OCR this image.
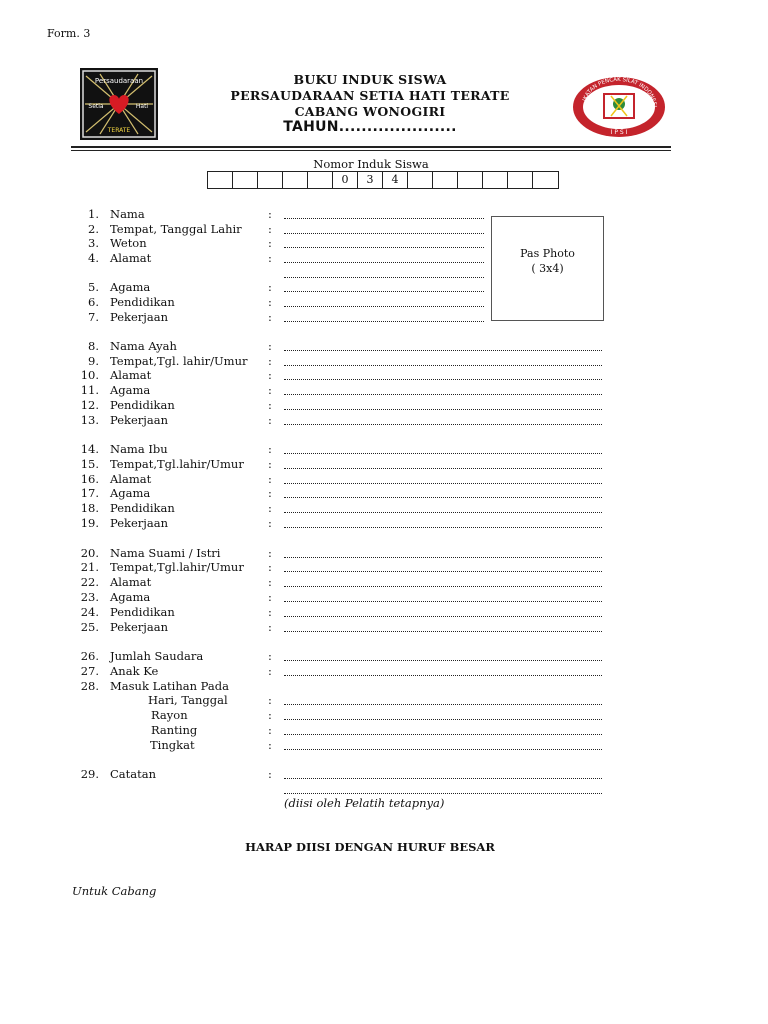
Form. 3
Persaudaraan
Setia	Hati
TERATE
BUKU INDUK SISWA
PERSAUDARAAN SETIA HATI TERATE
CABANG WONOGIRI
TAHUN.....................
IKATAN PENCAK SILAT INDONESI
I P S I
Nomor Induk Siswa
0	3	4
Pas Photo
( 3x4)
1. Nama	:
2. Tempat, Tanggal Lahir :
3. Weton	:
4. Alamat	:
5. Agama	:
6. Pendidikan	:
7. Pekerjaan	:
8. Nama Ayah	:
9. Tempat,Tgl. lahir/Umur :
10. Alamat	:
11. Agama	:
12. Pendidikan	:
13. Pekerjaan	:
14. Nama Ibu	:
15. Tempat,Tgl.lahir/Umur :
16. Alamat	:
17. Agama	:
18. Pendidikan	:
19. Pekerjaan	:
20. Nama Suami / Istri	:
21. Tempat,Tgl.lahir/Umur :
22. Alamat	:
23. Agama	:
24. Pendidikan	:
25. Pekerjaan	:
26. Jumlah Saudara	:
27. Anak Ke	:
28. Masuk Latihan Pada
Hari, Tanggal	:
Rayon	:
Ranting	:
Tingkat	:
29. Catatan	:
(diisi oleh Pelatih tetapnya)
HARAP DIISI DENGAN HURUF BESAR
Untuk Cabang
